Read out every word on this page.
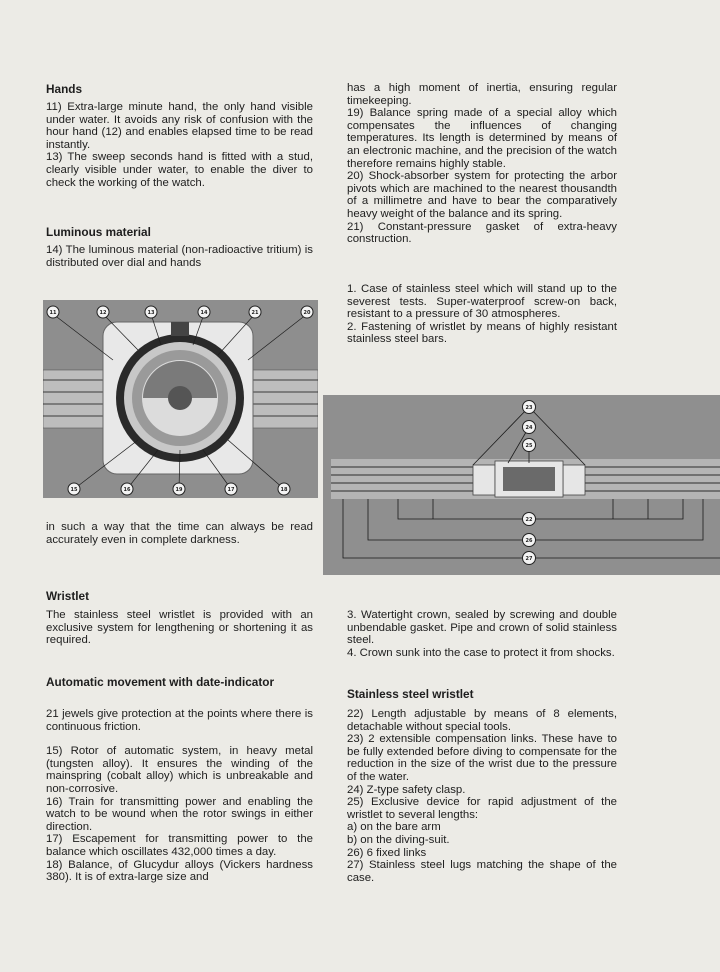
Hands

11) Extra-large minute hand, the only hand visible under water. It avoids any risk of confusion with the hour hand (12) and enables elapsed time to be read instantly.

13) The sweep seconds hand is fitted with a stud, clearly visible under water, to enable the diver to check the working of the watch.

Luminous material

14) The luminous material (non-radioactive tritium) is distributed over dial and hands

11	12	13	14	21	20
15	16	19	17	18
in such a way that the time can always be read accurately even in complete darkness.
Wristlet

The stainless steel wristlet is provided with an exclusive system for lengthening or shortening it as required.

Automatic movement with date-indicator

21 jewels give protection at the points where there is continuous friction.

15) Rotor of automatic system, in heavy metal (tungsten alloy). It ensures the winding of the mainspring (cobalt alloy) which is unbreakable and non-corrosive.

16) Train for transmitting power and enabling the watch to be wound when the rotor swings in either direction.

17) Escapement for transmitting power to the balance which oscillates 432,000 times a day.

18) Balance, of Glucydur alloys (Vickers hardness 380). It is of extra-large size and

has a high moment of inertia, ensuring regular timekeeping.

19) Balance spring made of a special alloy which compensates the influences of changing temperatures. Its length is determined by means of an electronic machine, and the precision of the watch therefore remains highly stable.

20) Shock-absorber system for protecting the arbor pivots which are machined to the nearest thousandth of a millimetre and have to bear the comparatively heavy weight of the balance and its spring.

21) Constant-pressure gasket of extra-heavy construction.

1. Case of stainless steel which will stand up to the severest tests. Super-waterproof screw-on back, resistant to a pressure of 30 atmospheres.

2. Fastening of wristlet by means of highly resistant stainless steel bars.

23
24
25
22
26
27

3. Watertight crown, sealed by screwing and double unbendable gasket. Pipe and crown of solid stainless steel.

4. Crown sunk into the case to protect it from shocks.

Stainless steel wristlet

22) Length adjustable by means of 8 elements, detachable without special tools.

23) 2 extensible compensation links. These have to be fully extended before diving to compensate for the reduction in the size of the wrist due to the pressure of the water.

24) Z-type safety clasp.

25) Exclusive device for rapid adjustment of the wristlet to several lengths:

a) on the bare arm

b) on the diving-suit.

26) 6 fixed links

27) Stainless steel lugs matching the shape of the case.
